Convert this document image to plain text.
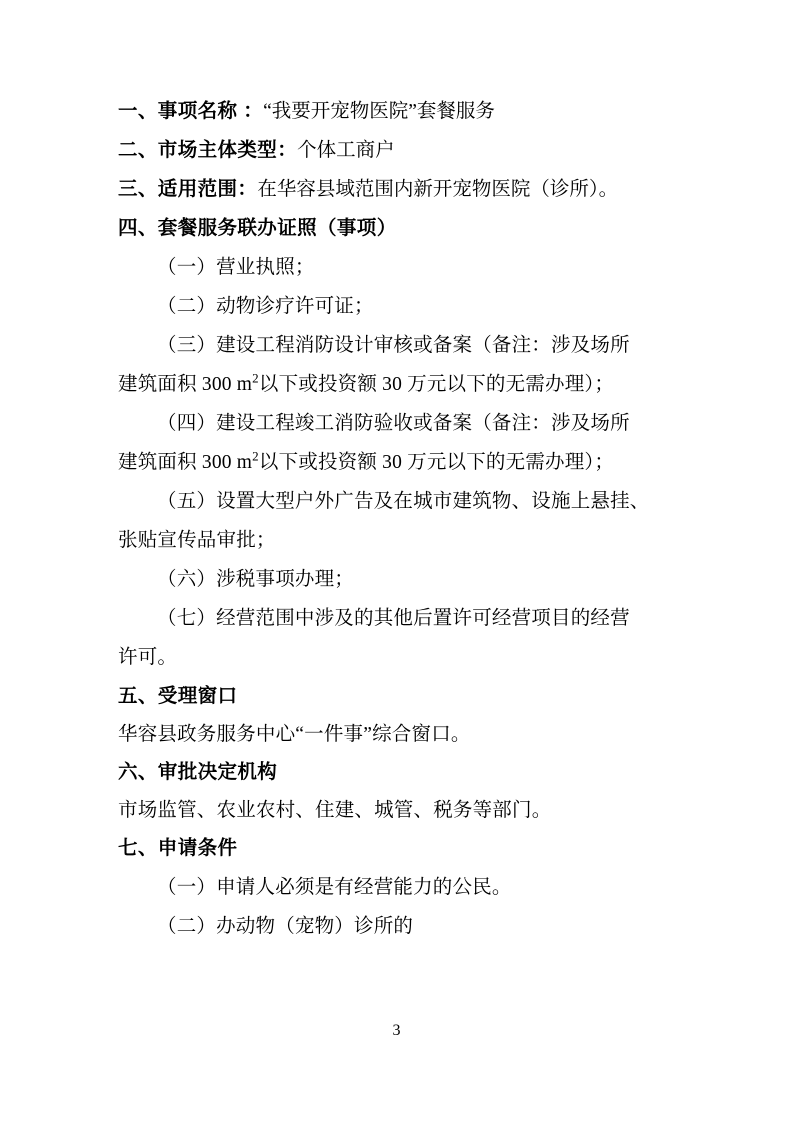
一、事项名称 ：“我要开宠物医院”套餐服务
二、市场主体类型：个体工商户
三、适用范围：在华容县域范围内新开宠物医院（诊所）。
四、套餐服务联办证照（事项）
（一）营业执照；
（二）动物诊疗许可证；
（三）建设工程消防设计审核或备案（备注：涉及场所
建筑面积 300 $m^2$以下或投资额 30 万元以下的无需办理）；
（四）建设工程竣工消防验收或备案（备注：涉及场所
建筑面积 300 $m^2$以下或投资额 30 万元以下的无需办理）；
（五）设置大型户外广告及在城市建筑物、设施上悬挂、
张贴宣传品审批；
（六）涉税事项办理；
（七）经营范围中涉及的其他后置许可经营项目的经营
许可。
五、受理窗口
华容县政务服务中心“一件事”综合窗口。
六、审批决定机构
市场监管、农业农村、住建、城管、税务等部门。
七、申请条件
（一）申请人必须是有经营能力的公民。
（二）办动物（宠物）诊所的
3
